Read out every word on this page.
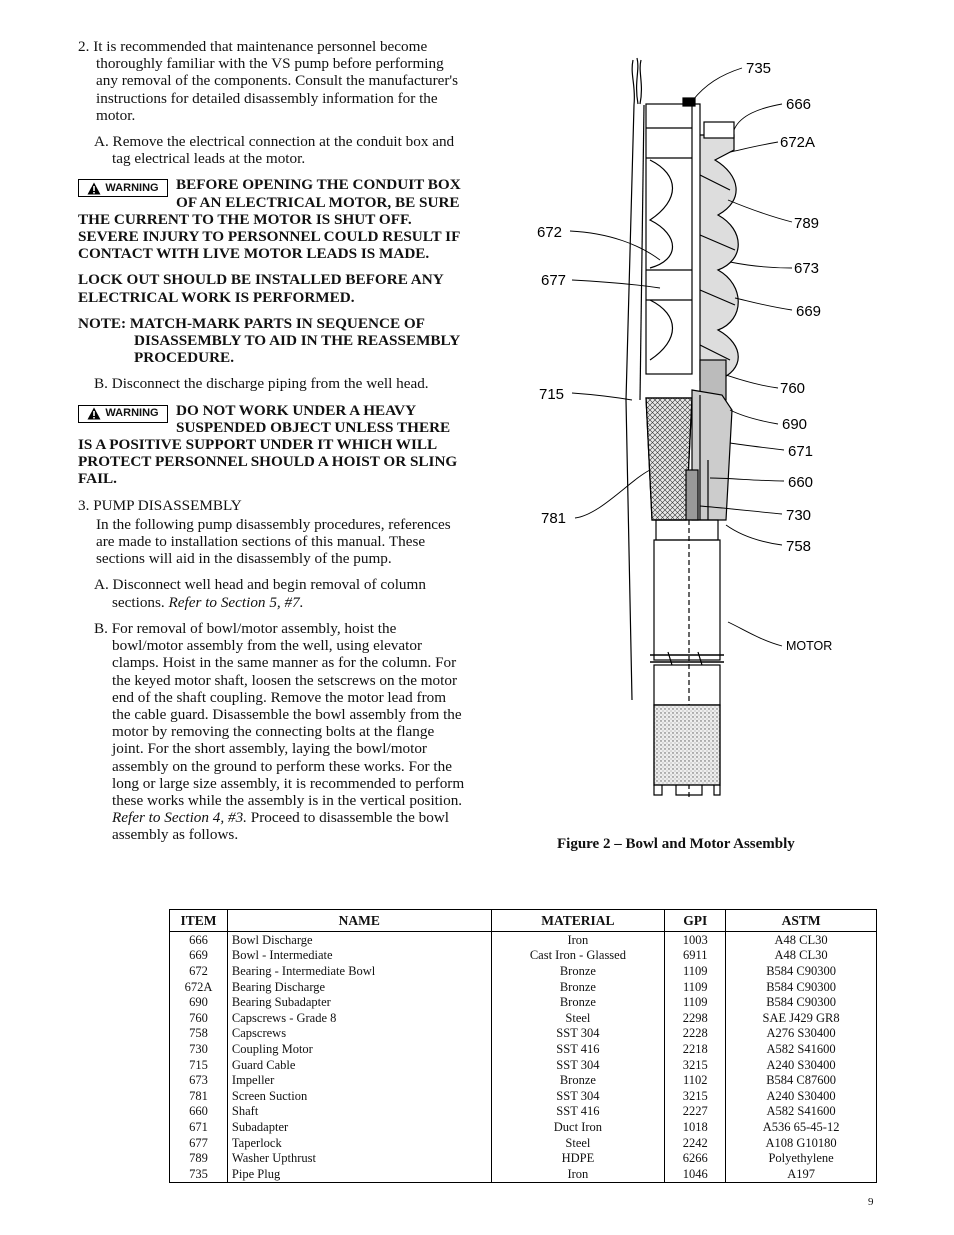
2. It is recommended that maintenance personnel become thoroughly familiar with the VS pump before performing any removal of the components. Consult the manufacturer's instructions for detailed disassembly information for the motor.

A. Remove the electrical connection at the conduit box and tag electrical leads at the motor.

WARNING BEFORE OPENING THE CONDUIT BOX OF AN ELECTRICAL MOTOR, BE SURE THE CURRENT TO THE MOTOR IS SHUT OFF. SEVERE INJURY TO PERSONNEL COULD RESULT IF CONTACT WITH LIVE MOTOR LEADS IS MADE.

LOCK OUT SHOULD BE INSTALLED BEFORE ANY ELECTRICAL WORK IS PERFORMED.

NOTE: MATCH-MARK PARTS IN SEQUENCE OF DISASSEMBLY TO AID IN THE REASSEMBLY PROCEDURE.

B. Disconnect the discharge piping from the well head.

WARNING DO NOT WORK UNDER A HEAVY SUSPENDED OBJECT UNLESS THERE IS A POSITIVE SUPPORT UNDER IT WHICH WILL PROTECT PERSONNEL SHOULD A HOIST OR SLING FAIL.

3. PUMP DISASSEMBLY

In the following pump disassembly procedures, references are made to installation sections of this manual. These sections will aid in the disassembly of the pump.

A. Disconnect well head and begin removal of column sections. Refer to Section 5, #7.

B. For removal of bowl/motor assembly, hoist the bowl/motor assembly from the well, using elevator clamps. Hoist in the same manner as for the column. For the keyed motor shaft, loosen the setscrews on the motor end of the shaft coupling. Remove the motor lead from the cable guard. Disassemble the bowl assembly from the motor by removing the connecting bolts at the flange joint. For the short assembly, laying the bowl/motor assembly on the ground to perform these works. For the long or large size assembly, it is recommended to perform these works while the assembly is in the vertical position. Refer to Section 4, #3. Proceed to disassemble the bowl assembly as follows.

735
666
672A
789
673
669
760
690
671
660
730
758
672
677
715
781
MOTOR
Figure 2 – Bowl and Motor Assembly
ITEM	NAME	MATERIAL	GPI	ASTM
666	Bowl Discharge	Iron	1003	A48 CL30
669	Bowl - Intermediate	Cast Iron - Glassed	6911	A48 CL30
672	Bearing - Intermediate Bowl	Bronze	1109	B584 C90300
672A	Bearing Discharge	Bronze	1109	B584 C90300
690	Bearing Subadapter	Bronze	1109	B584 C90300
760	Capscrews - Grade 8	Steel	2298	SAE J429 GR8
758	Capscrews	SST 304	2228	A276 S30400
730	Coupling Motor	SST 416	2218	A582 S41600
715	Guard Cable	SST 304	3215	A240 S30400
673	Impeller	Bronze	1102	B584 C87600
781	Screen Suction	SST 304	3215	A240 S30400
660	Shaft	SST 416	2227	A582 S41600
671	Subadapter	Duct Iron	1018	A536 65-45-12
677	Taperlock	Steel	2242	A108 G10180
789	Washer Upthrust	HDPE	6266	Polyethylene
735	Pipe Plug	Iron	1046	A197
9
